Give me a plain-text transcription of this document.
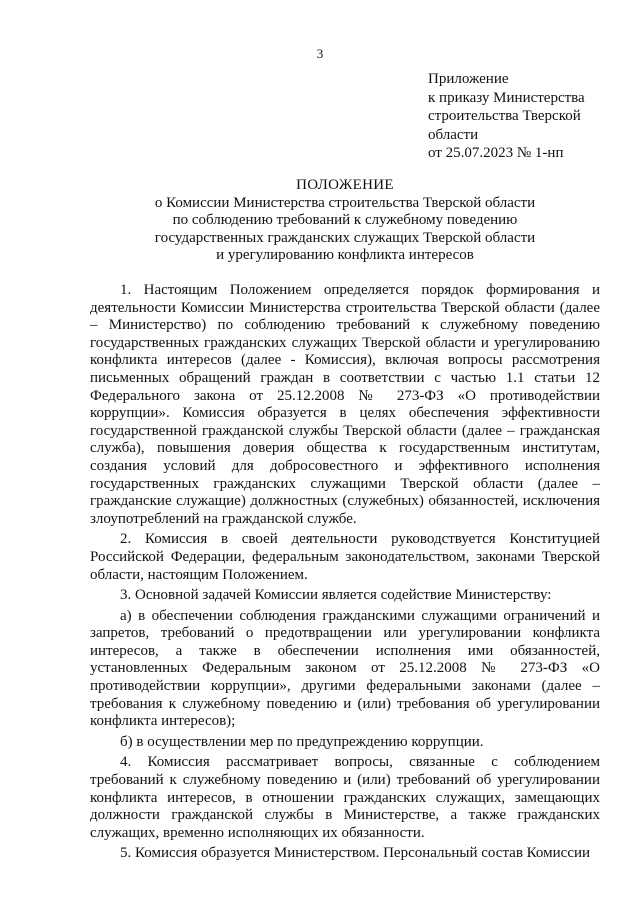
3
Приложение
к приказу Министерства
строительства Тверской
области
от 25.07.2023 № 1-нп
ПОЛОЖЕНИЕ
о Комиссии Министерства строительства Тверской области
по соблюдению требований к служебному поведению
государственных гражданских служащих Тверской области
и урегулированию конфликта интересов

1. Настоящим Положением определяется порядок формирования и деятельности Комиссии Министерства строительства Тверской области (далее – Министерство) по соблюдению требований к служебному поведению государственных гражданских служащих Тверской области и урегулированию конфликта интересов (далее - Комиссия), включая вопросы рассмотрения письменных обращений граждан в соответствии с частью 1.1 статьи 12 Федерального закона от 25.12.2008 № 273-ФЗ «О противодействии коррупции». Комиссия образуется в целях обеспечения эффективности государственной гражданской службы Тверской области (далее – гражданская служба), повышения доверия общества к государственным институтам, создания условий для добросовестного и эффективного исполнения государственных гражданских служащими Тверской области (далее – гражданские служащие) должностных (служебных) обязанностей, исключения злоупотреблений на гражданской службе.

2. Комиссия в своей деятельности руководствуется Конституцией Российской Федерации, федеральным законодательством, законами Тверской области, настоящим Положением.

3. Основной задачей Комиссии является содействие Министерству:

а) в обеспечении соблюдения гражданскими служащими ограничений и запретов, требований о предотвращении или урегулировании конфликта интересов, а также в обеспечении исполнения ими обязанностей, установленных Федеральным законом от 25.12.2008 № 273-ФЗ «О противодействии коррупции», другими федеральными законами (далее – требования к служебному поведению и (или) требования об урегулировании конфликта интересов);

б) в осуществлении мер по предупреждению коррупции.

4. Комиссия рассматривает вопросы, связанные с соблюдением требований к служебному поведению и (или) требований об урегулировании конфликта интересов, в отношении гражданских служащих, замещающих должности гражданской службы в Министерстве, а также гражданских служащих, временно исполняющих их обязанности.

5. Комиссия образуется Министерством. Персональный состав Комиссии
